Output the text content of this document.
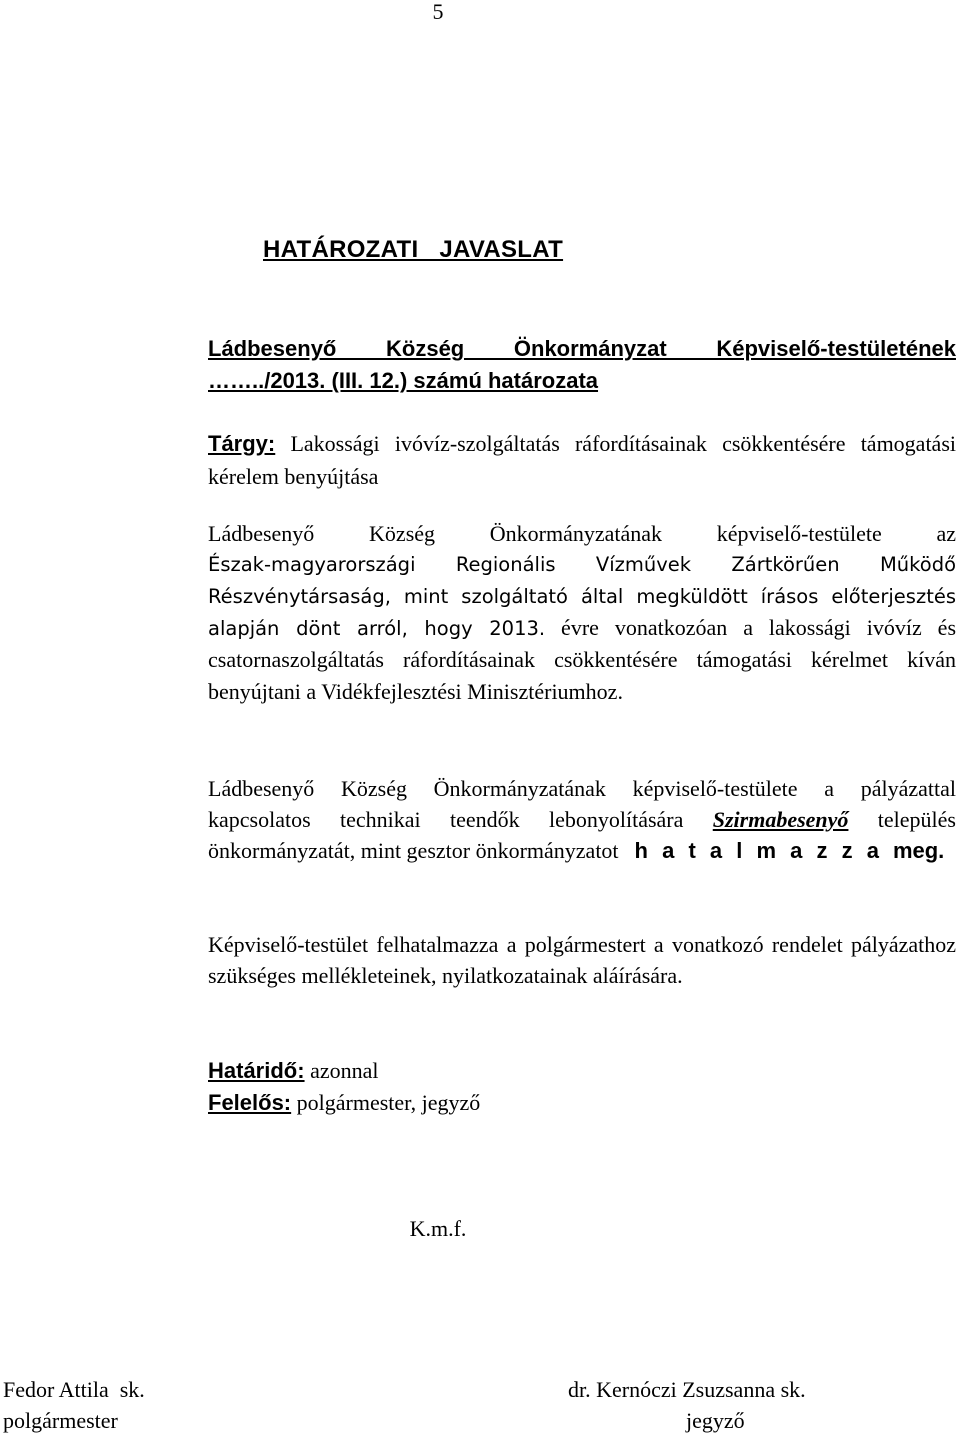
5
HATÁROZATI   JAVASLAT
Ládbesenyő   Község   Önkormányzat   Képviselő-testületének
……../2013. (III. 12.) számú határozata
Tárgy: Lakossági ivóvíz-szolgáltatás ráfordításainak csökkentésére támogatási kérelem benyújtása
Ládbesenyő Község Önkormányzatának képviselő-testülete az
Észak-magyarországi Regionális Vízművek Zártkörűen Működő Részvénytársaság, mint szolgáltató által megküldött írásos előterjesztés alapján dönt arról, hogy 2013. évre vonatkozóan a lakossági ivóvíz és csatornaszolgáltatás ráfordításainak csökkentésére támogatási kérelmet kíván benyújtani a Vidékfejlesztési Minisztériumhoz.
Ládbesenyő Község Önkormányzatának képviselő-testülete a pályázattal kapcsolatos technikai teendők lebonyolítására Szirmabesenyő település önkormányzatát, mint gesztor önkormányzatot h a t a l m a z z a meg.
Képviselő-testület felhatalmazza a polgármestert a vonatkozó rendelet pályázathoz szükséges mellékleteinek, nyilatkozatainak aláírására.
Határidő: azonnal
Felelős: polgármester, jegyző
K.m.f.
Fedor Attila  sk.
polgármester
dr. Kernóczi Zsuzsanna sk.
jegyző
